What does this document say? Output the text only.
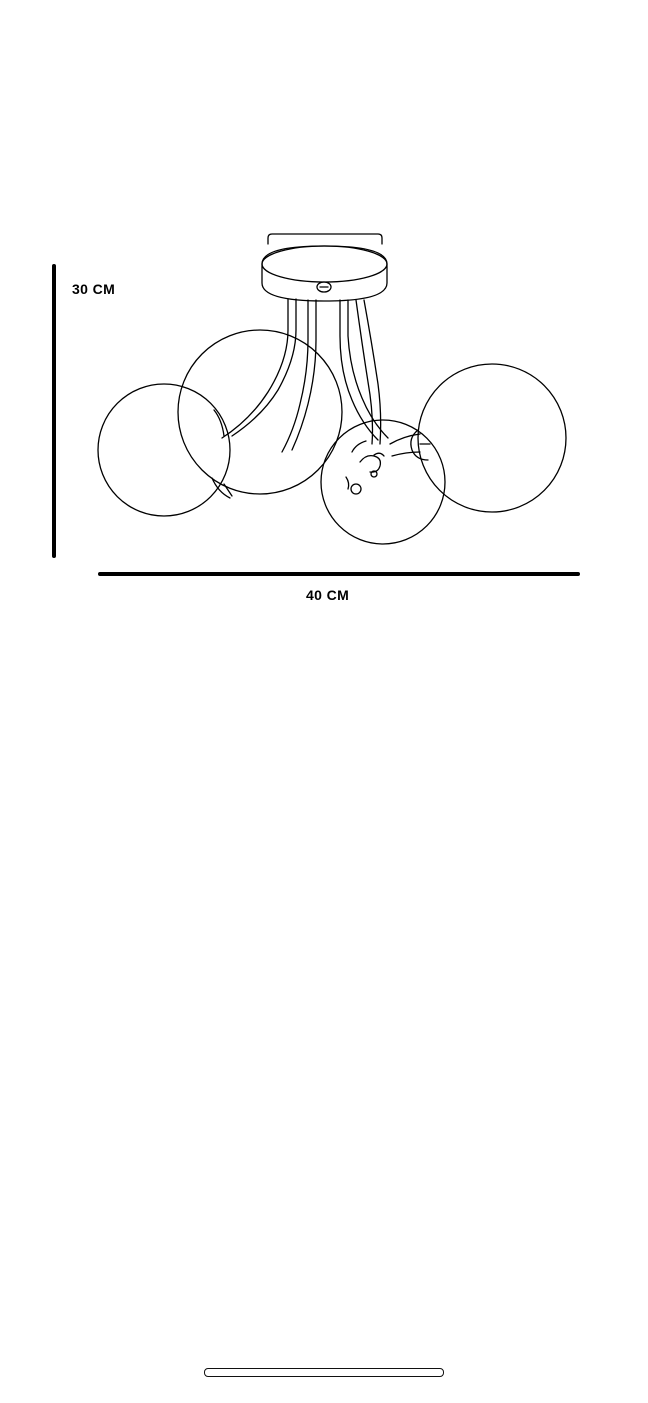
30 CM
40 CM
